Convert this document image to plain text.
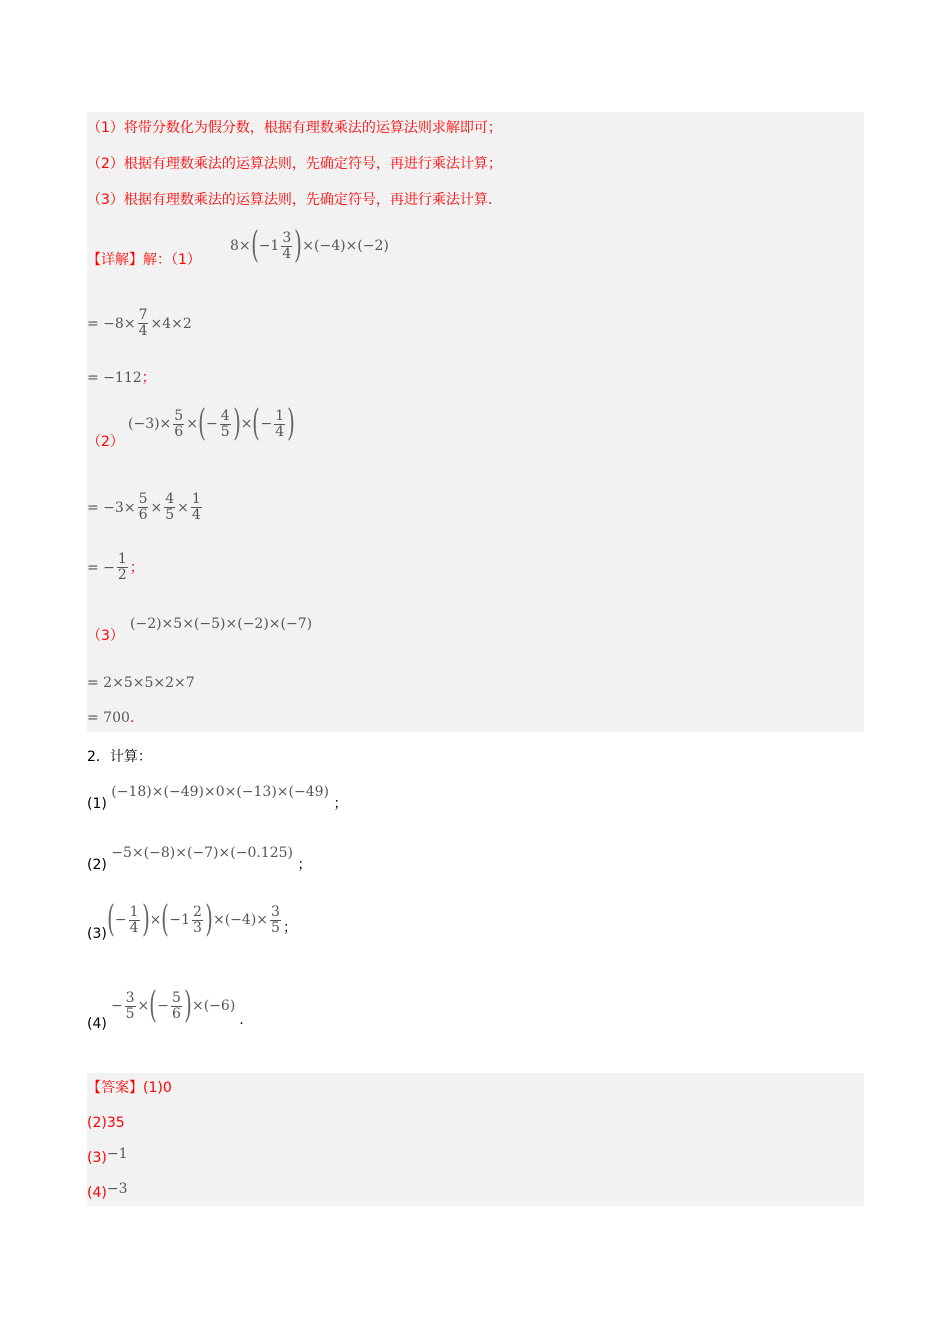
（1）将带分数化为假分数，根据有理数乘法的运算法则求解即可；
（2）根据有理数乘法的运算法则，先确定符号，再进行乘法计算；
（3）根据有理数乘法的运算法则，先确定符号，再进行乘法计算.
【详解】解：（1）
8× ( $-1 \frac{3}{4}$ ) ×(−4)×(−2)
= $-8\times \frac{7}{4} \times 4\times 2$
= −112；
（2）
$(-3)\times \frac{5}{6}$ × ( − $\frac{4}{5}$ ) × ( − $\frac{1}{4}$ )
= $-3\times \frac{5}{6} \times \frac{4}{5} \times \frac{1}{4}$
= − $\frac{1}{2}$ ；
（3）
(−2)×5×(−5)×(−2)×(−7)
= 2×5×5×2×7
= 700.
2．计算：
(1) (−18)×(−49)×0×(−13)×(−49) ；
(2) −5×(−8)×(−7)×(−0.125) ；
(3) ( − $\frac{1}{4}$ ) × ( $-1 \frac{2}{3}$ ) $\times(-4)\times \frac{3}{5}$ ；
(4)
− $\frac{3}{5}$ × ( − $\frac{5}{6}$ ) ×(−6)
.
【答案】(1)0
(2)35
(3)−1
(4)−3
